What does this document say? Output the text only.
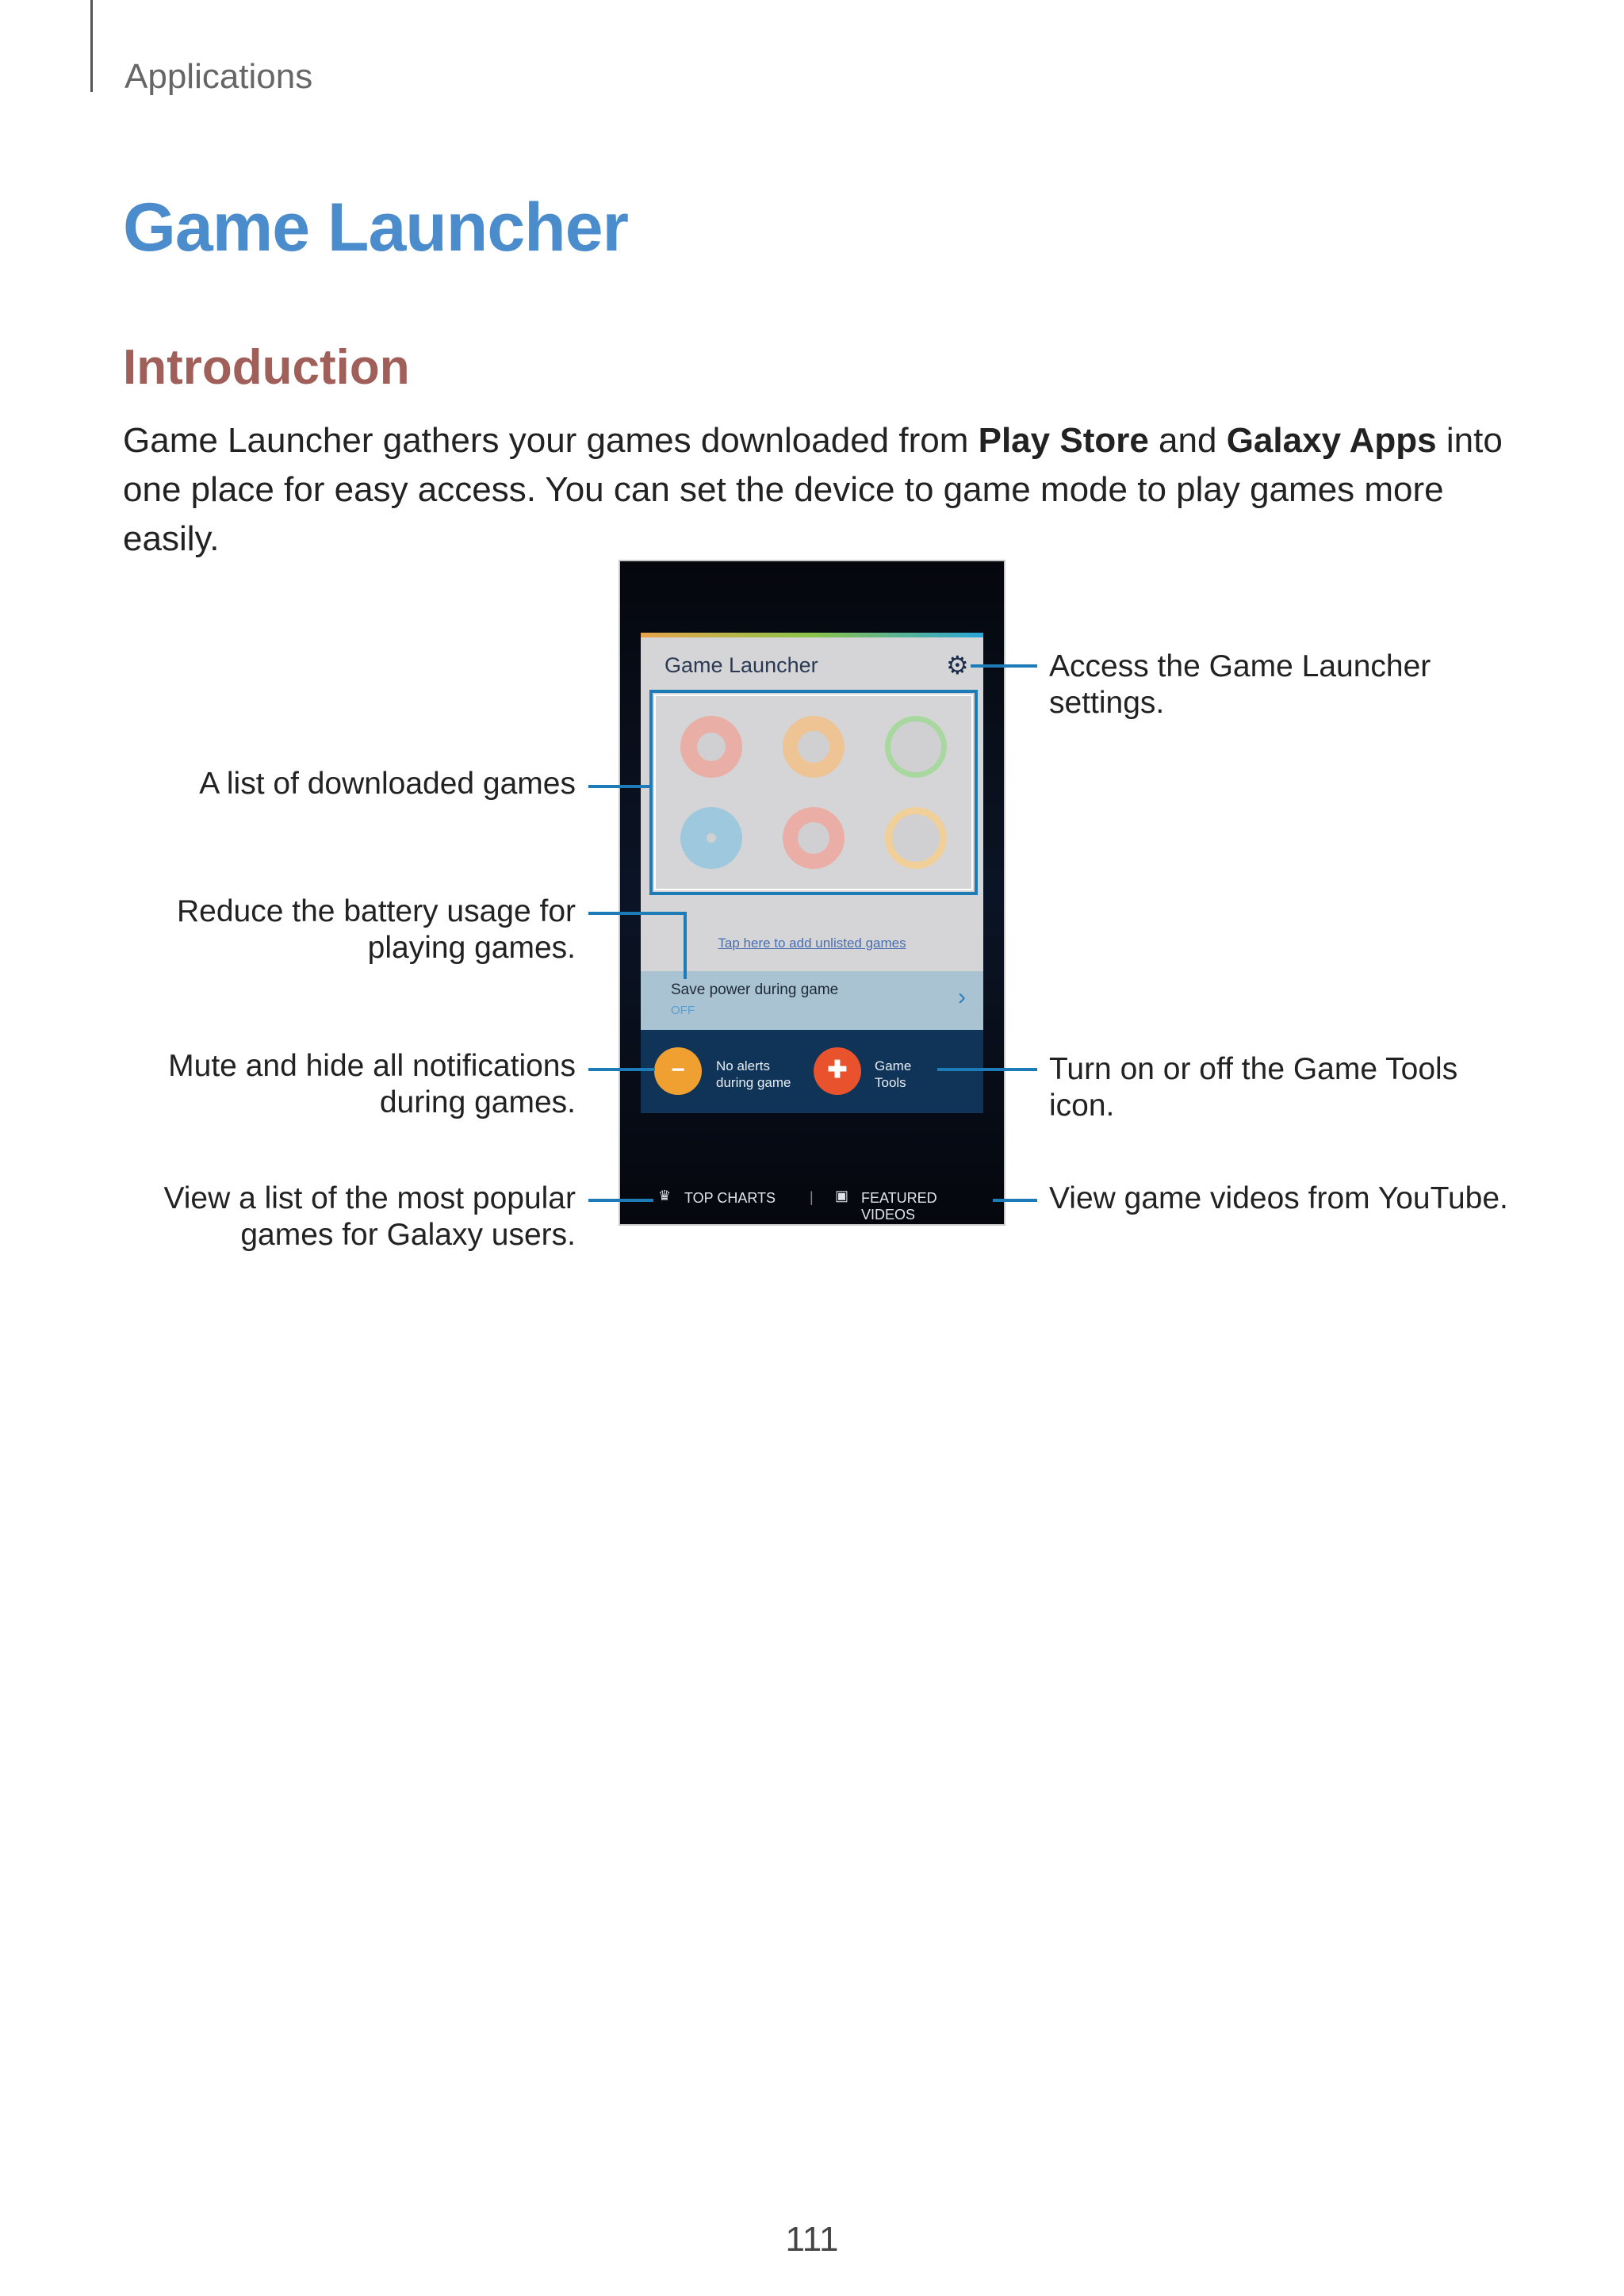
Applications
Game Launcher
Introduction
Game Launcher gathers your games downloaded from Play Store and Galaxy Apps into one place for easy access. You can set the device to game mode to play games more easily.
Game Launcher	⚙
Tap here to add unlisted games
Save power during game
OFF
›
−	No alerts during game	✚	Game Tools
♛ TOP CHARTS | ▣ FEATURED VIDEOS
A list of downloaded games
Reduce the battery usage for playing games.
Mute and hide all notifications during games.
View a list of the most popular games for Galaxy users.
Access the Game Launcher settings.
Turn on or off the Game Tools icon.
View game videos from YouTube.
111
